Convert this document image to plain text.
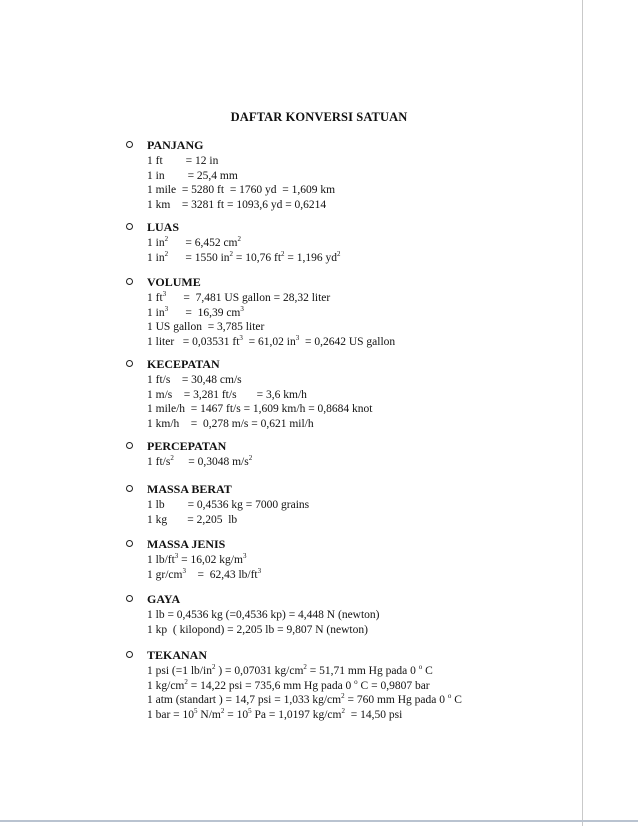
DAFTAR KONVERSI SATUAN
PANJANG
1 ft        = 12 in
1 in        = 25,4 mm
1 mile  = 5280 ft  = 1760 yd  = 1,609 km
1 km    = 3281 ft = 1093,6 yd = 0,6214
LUAS
1 $in^2$      = 6,452 $cm^2$
1 $in^2$      = 1550 $in^2 = 10,76$ $ft^2 = 1,196$ $yd^2$
VOLUME
1 $ft^3$      =  7,481 US gallon = 28,32 liter
1 $in^3$      =  16,39 $cm^3$
1 US gallon  = 3,785 liter
1 liter   = 0,03531 $ft^3 = 61,02$ $in^3 = 0,2642$ US gallon
KECEPATAN
1 ft/s    = 30,48 cm/s
1 m/s    = 3,281 ft/s       = 3,6 km/h
1 mile/h  = 1467 ft/s = 1,609 km/h = 0,8684 knot
1 km/h    =  0,278 m/s = 0,621 mil/h
PERCEPATAN
1 $ft/s^2$     = 0,3048 $m/s^2$
MASSA BERAT
1 lb        = 0,4536 kg = 7000 grains
1 kg       = 2,205  lb
MASSA JENIS
1 $lb/ft^3 = 16,02$ $kg/m^3$
1 $gr/cm^3$    =  62,43 $lb/ft^3$
GAYA
1 lb = 0,4536 kg (=0,4536 kp) = 4,448 N (newton)
1 kp  ( kilopond) = 2,205 lb = 9,807 N (newton)
TEKANAN
1 psi (=1 $lb/in^2$ ) = 0,07031 $kg/cm^2 = 51,71$ mm Hg pada 0 $^o$ C
1 $kg/cm^2 = 14,22$ psi = 735,6 mm Hg pada 0 $^o$ C = 0,9807 bar
1 atm (standart ) = 14,7 psi = 1,033 $kg/cm^2 = 760$ mm Hg pada 0 $^o$ C
1 bar = $10^5$ $N/m^2 = 10^5$ Pa = 1,0197 $kg/cm^2 = 14,50$ psi
